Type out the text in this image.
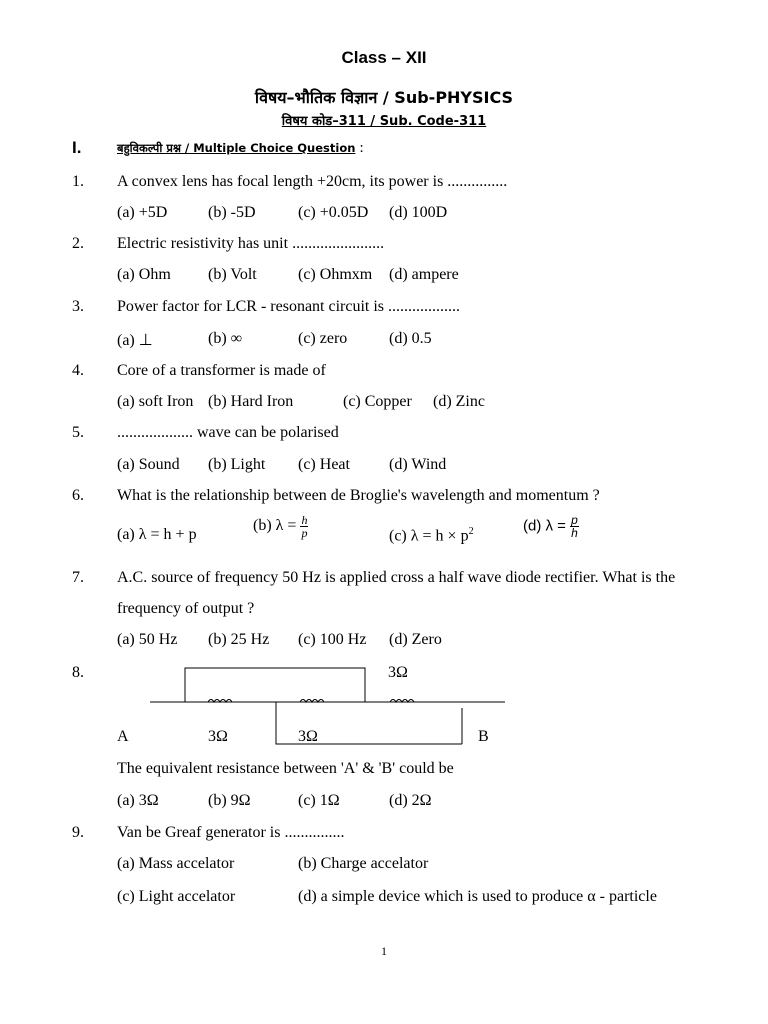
Class – XII
विषय–भौतिक विज्ञान / Sub-PHYSICS
विषय कोड–311 / Sub. Code-311
I.	बहुविकल्पी प्रश्न / Multiple Choice Question :
1. A convex lens has focal length +20cm, its power is ...............
(a) +5D	(b) -5D	(c) +0.05D (d) 100D
2. Electric resistivity has unit .......................
(a) Ohm (b) Volt	(c) Ohmxm (d) ampere
3. Power factor for LCR - resonant circuit is ..................
(a) ⊥	(b) ∞	(c) zero	(d) 0.5
4. Core of a transformer is made of
(a) soft Iron (b) Hard Iron	(c) Copper (d) Zinc
5. ................... wave can be polarised
(a) Sound (b) Light (c) Heat (d) Wind
6. What is the relationship between de Broglie's wavelength and momentum ?
(a) λ = h + p
(b) $\lambda = \frac{h}{p}$	(c) $\lambda = h \times p^2$	(d) $\lambda = \frac{p}{h}$
7. A.C. source of frequency 50 Hz is applied cross a half wave diode rectifier. What is the
frequency of output ?
(a) 50 Hz (b) 25 Hz (c) 100 Hz (d) Zero
8.	3Ω
A	3Ω	3Ω	B
The equivalent resistance between 'A' & 'B' could be
(a) 3Ω	(b) 9Ω	(c) 1Ω	(d) 2Ω
9. Van be Greaf generator is ...............
(a) Mass accelator	(b) Charge accelator
(c) Light accelator	(d) a simple device which is used to produce α - particle
1
